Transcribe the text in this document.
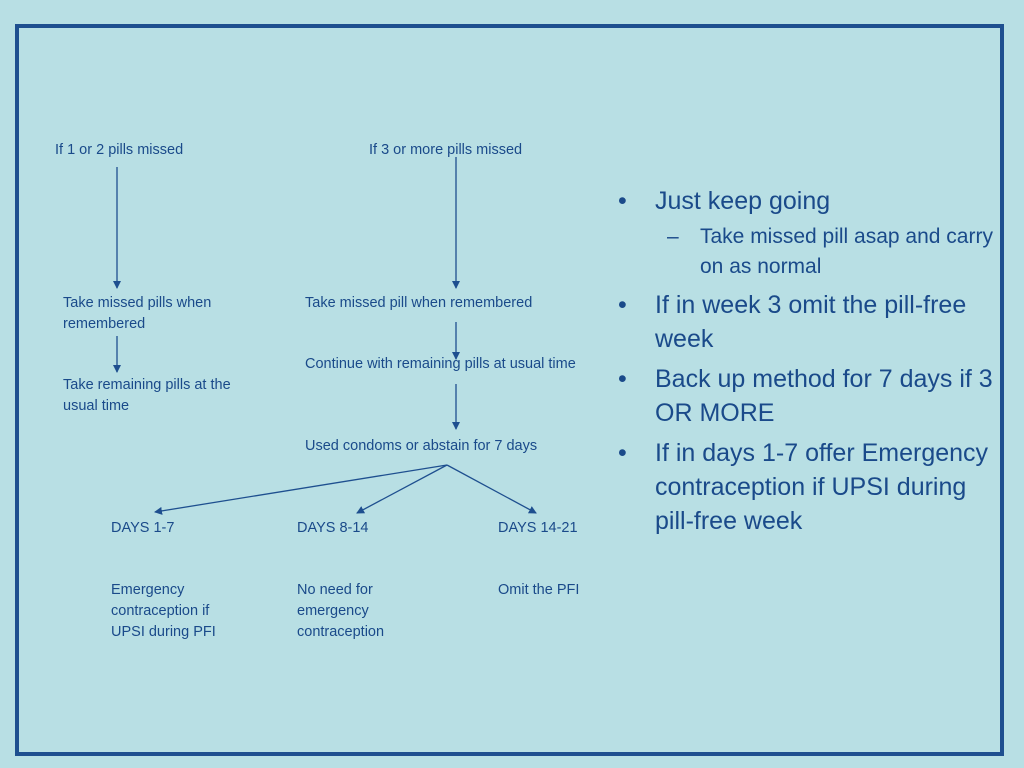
If 1 or 2 pills missed
Take missed pills when remembered
Take remaining pills at the usual time
If 3 or more pills missed
Take missed pill when remembered
Continue with remaining pills at usual time
Used condoms or abstain for 7 days
DAYS 1-7
Emergency contraception if UPSI during PFI
DAYS 8-14
No need for emergency contraception
DAYS 14-21
Omit the PFI
• Just keep going
– Take missed pill asap and carry on as normal
• If in week 3 omit the pill-free week
• Back up method for 7 days if 3 OR MORE
• If in days 1-7 offer Emergency contraception if UPSI during pill-free week
